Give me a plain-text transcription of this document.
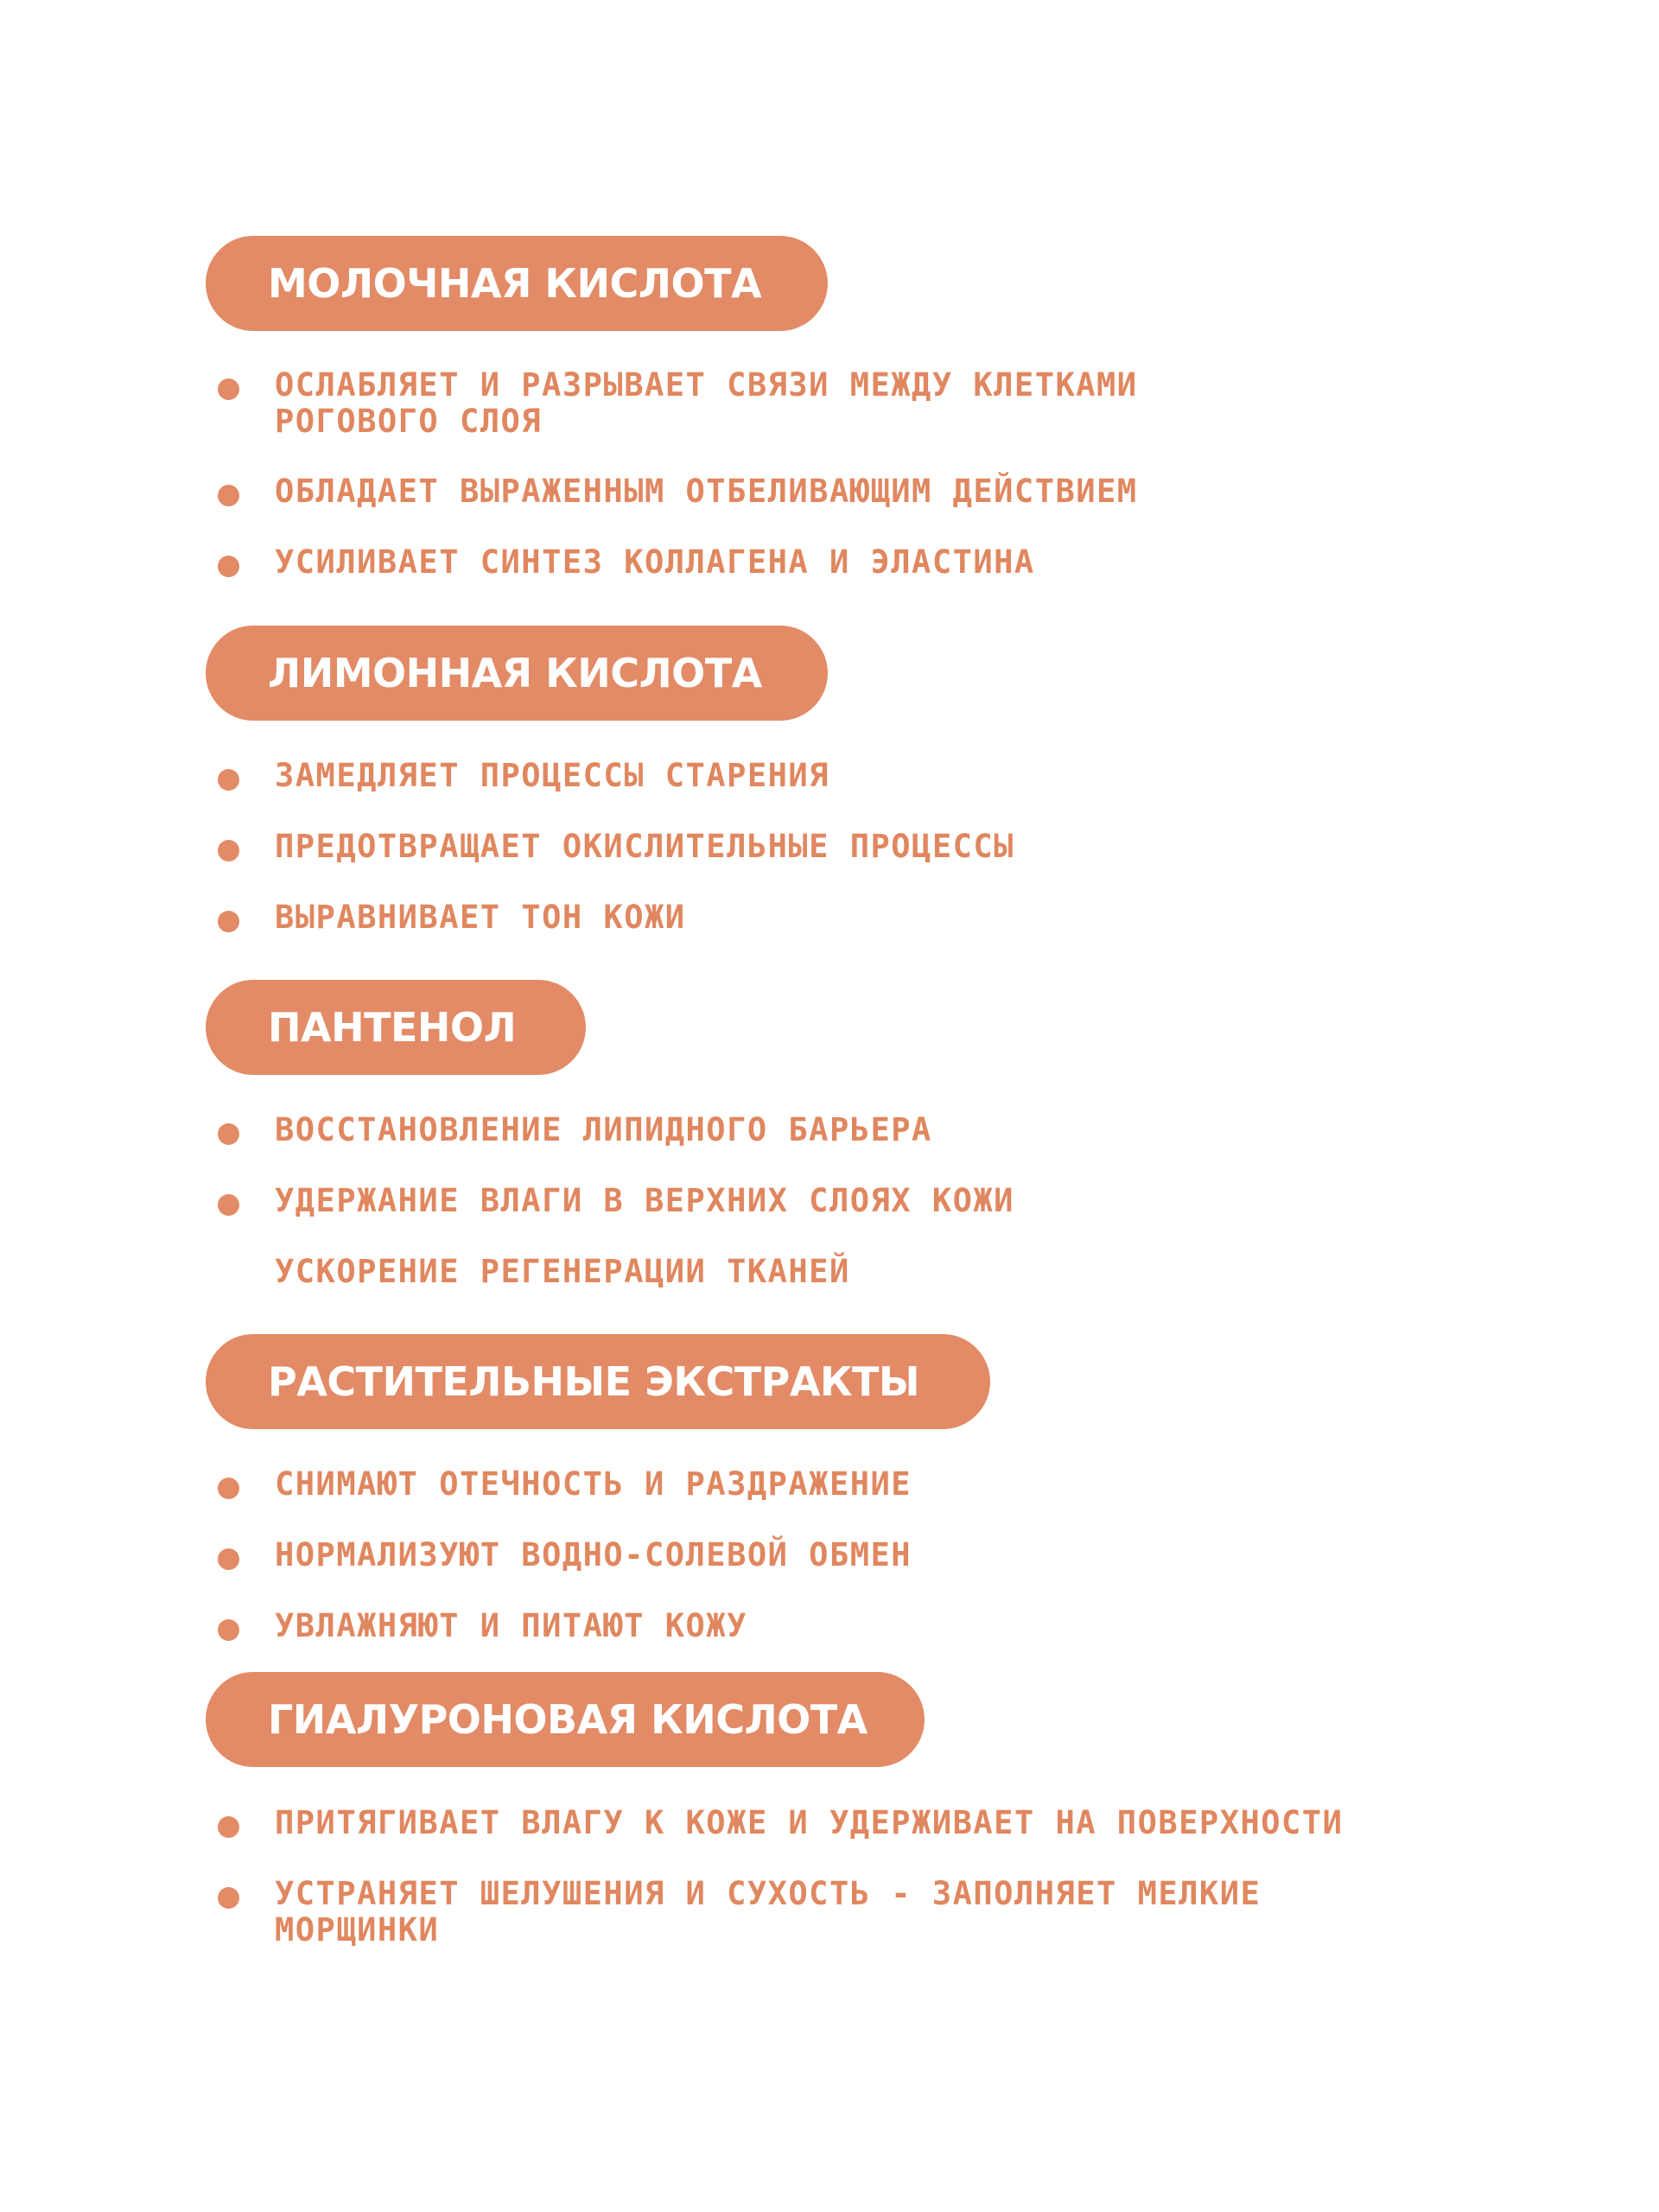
МОЛОЧНАЯ КИСЛОТА
ОСЛАБЛЯЕТ И РАЗРЫВАЕТ СВЯЗИ МЕЖДУ КЛЕТКАМИ РОГОВОГО СЛОЯ
ОБЛАДАЕТ ВЫРАЖЕННЫМ ОТБЕЛИВАЮЩИМ ДЕЙСТВИЕМ
УСИЛИВАЕТ СИНТЕЗ КОЛЛАГЕНА И ЭЛАСТИНА
ЛИМОННАЯ КИСЛОТА
ЗАМЕДЛЯЕТ ПРОЦЕССЫ СТАРЕНИЯ
ПРЕДОТВРАЩАЕТ ОКИСЛИТЕЛЬНЫЕ ПРОЦЕССЫ
ВЫРАВНИВАЕТ ТОН КОЖИ
ПАНТЕНОЛ
ВОССТАНОВЛЕНИЕ ЛИПИДНОГО БАРЬЕРА
УДЕРЖАНИЕ ВЛАГИ В ВЕРХНИХ СЛОЯХ КОЖИ
УСКОРЕНИЕ РЕГЕНЕРАЦИИ ТКАНЕЙ
РАСТИТЕЛЬНЫЕ ЭКСТРАКТЫ
СНИМАЮТ ОТЕЧНОСТЬ И РАЗДРАЖЕНИЕ
НОРМАЛИЗУЮТ ВОДНО-СОЛЕВОЙ ОБМЕН
УВЛАЖНЯЮТ И ПИТАЮТ КОЖУ
ГИАЛУРОНОВАЯ КИСЛОТА
ПРИТЯГИВАЕТ ВЛАГУ К КОЖЕ И УДЕРЖИВАЕТ НА ПОВЕРХНОСТИ
УСТРАНЯЕТ ШЕЛУШЕНИЯ И СУХОСТЬ - ЗАПОЛНЯЕТ МЕЛКИЕ МОРЩИНКИ
